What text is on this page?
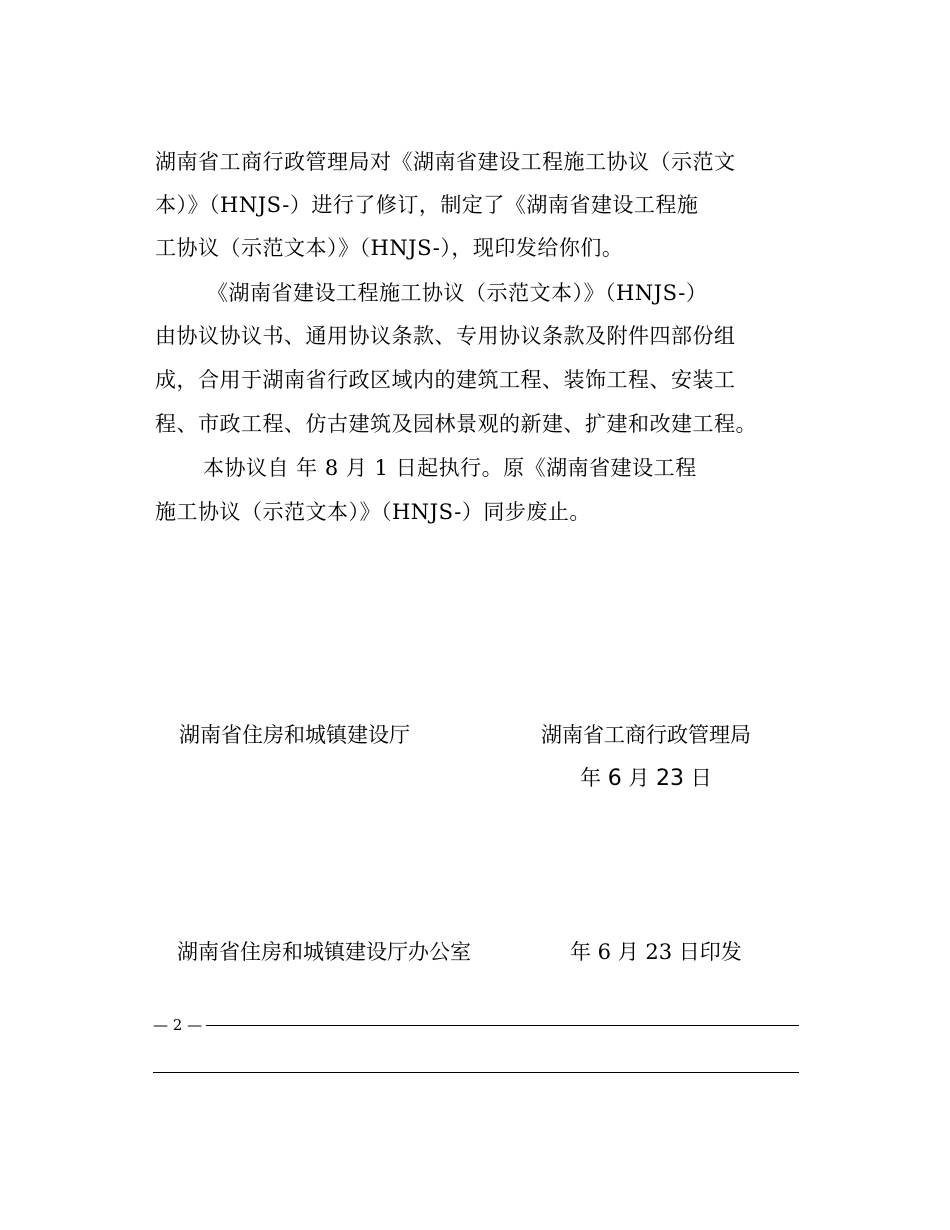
湖南省工商行政管理局对《湖南省建设工程施工协议（示范文
本）》（HNJS-）进行了修订，制定了《湖南省建设工程施
工协议（示范文本）》（HNJS-），现印发给你们。
《湖南省建设工程施工协议（示范文本）》（HNJS-）
由协议协议书、通用协议条款、专用协议条款及附件四部份组
成，合用于湖南省行政区域内的建筑工程、装饰工程、安装工
程、市政工程、仿古建筑及园林景观的新建、扩建和改建工程。
本协议自 年 8 月 1 日起执行。原《湖南省建设工程
施工协议（示范文本）》（HNJS-）同步废止。
湖南省住房和城镇建设厅	湖南省工商行政管理局
年 6 月 23 日
湖南省住房和城镇建设厅办公室	年 6 月 23 日印发
— 2 —
